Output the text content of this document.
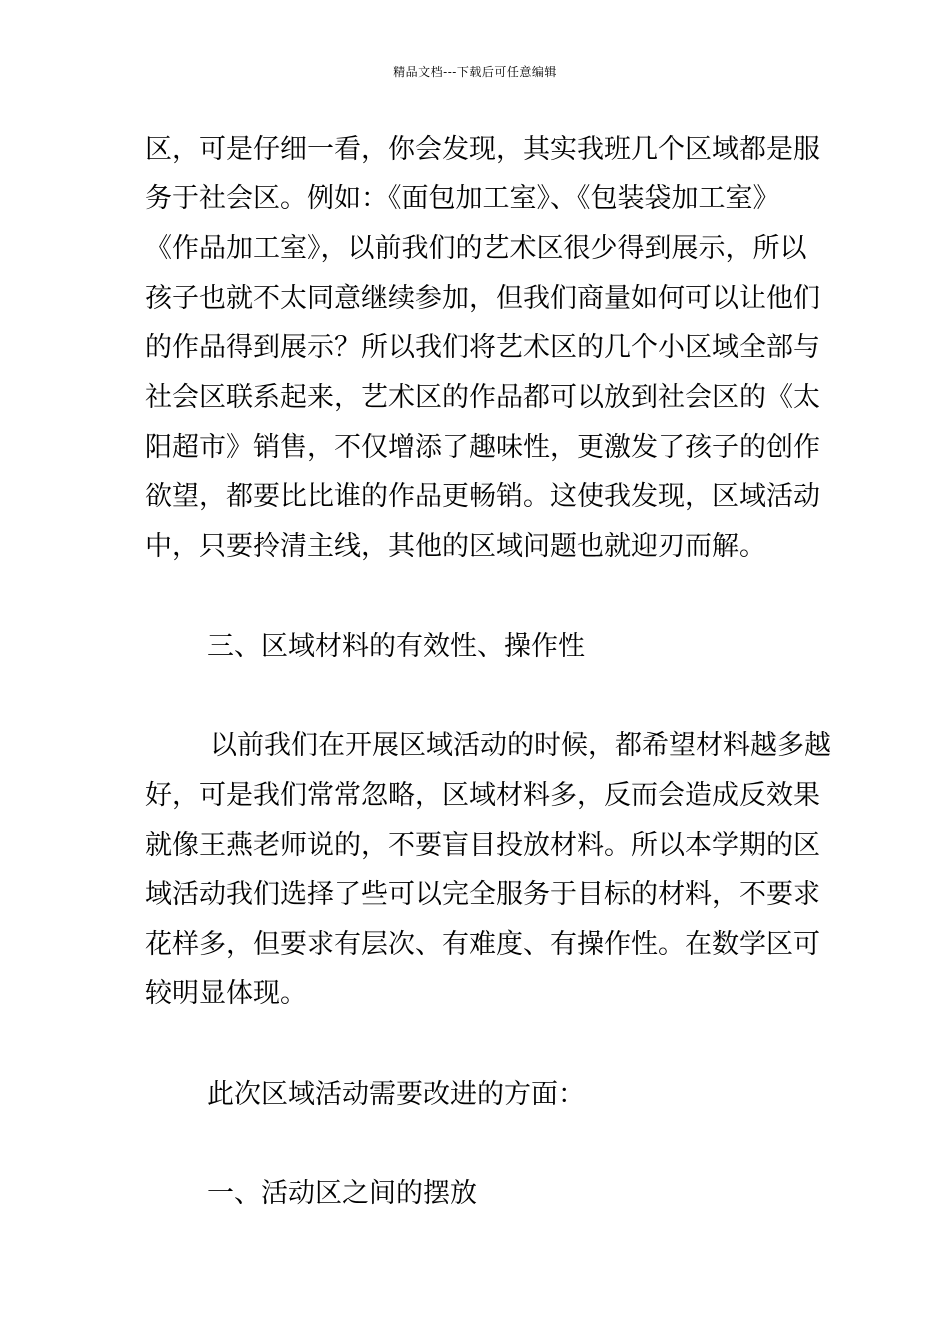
精品文档---下载后可任意编辑
区，可是仔细一看，你会发现，其实我班几个区域都是服
务于社会区。例如：《面包加工室》、《包装袋加工室》
《作品加工室》，以前我们的艺术区很少得到展示，所以
孩子也就不太同意继续参加，但我们商量如何可以让他们
的作品得到展示？所以我们将艺术区的几个小区域全部与
社会区联系起来，艺术区的作品都可以放到社会区的《太
阳超市》销售，不仅增添了趣味性，更激发了孩子的创作
欲望，都要比比谁的作品更畅销。这使我发现，区域活动
中，只要拎清主线，其他的区域问题也就迎刃而解。
三、区域材料的有效性、操作性
以前我们在开展区域活动的时候，都希望材料越多越
好，可是我们常常忽略，区域材料多，反而会造成反效果
就像王燕老师说的，不要盲目投放材料。所以本学期的区
域活动我们选择了些可以完全服务于目标的材料，不要求
花样多，但要求有层次、有难度、有操作性。在数学区可
较明显体现。
此次区域活动需要改进的方面：
一、活动区之间的摆放
